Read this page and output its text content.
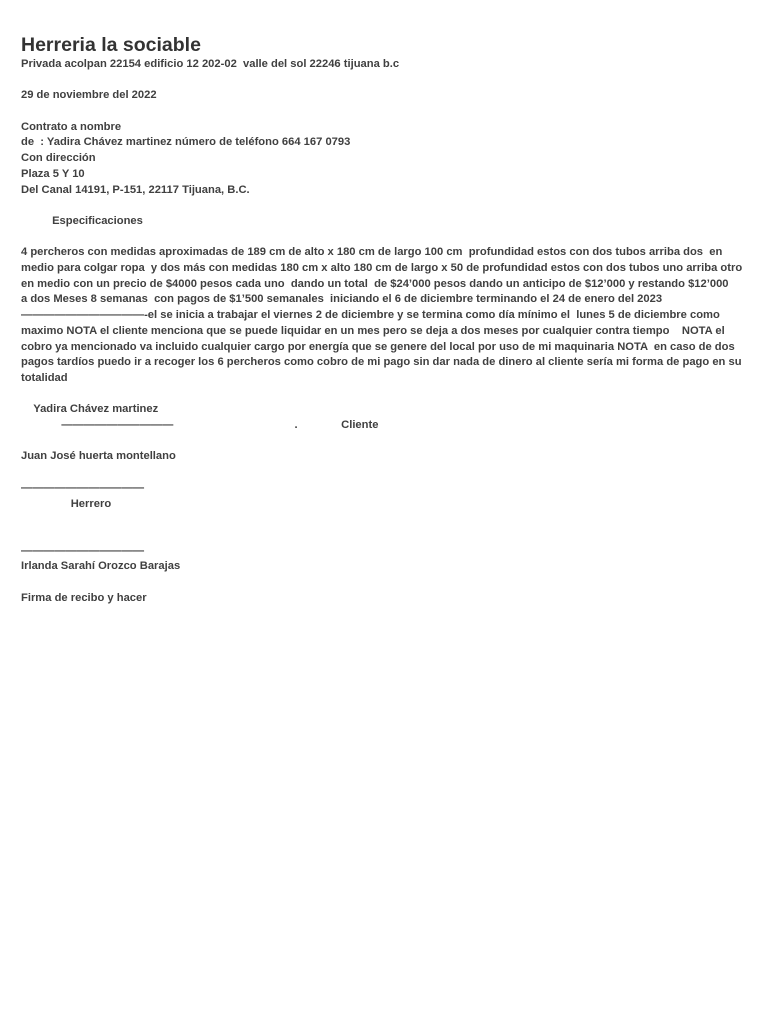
Herreria la sociable
Privada acolpan 22154 edificio 12 202-02  valle del sol 22246 tijuana b.c
29 de noviembre del 2022
Contrato a nombre
de  : Yadira Chávez martinez número de teléfono 664 167 0793
Con dirección
Plaza 5 Y 10
Del Canal 14191, P-151, 22117 Tijuana, B.C.
Especificaciones
4 percheros con medidas aproximadas de 189 cm de alto x 180 cm de largo 100 cm  profundidad estos con dos tubos arriba dos  en
medio para colgar ropa  y dos más con medidas 180 cm x alto 180 cm de largo x 50 de profundidad estos con dos tubos uno arriba otro
en medio con un precio de $4000 pesos cada uno  dando un total  de $24’000 pesos dando un anticipo de $12’000 y restando $12’000
a dos Meses 8 semanas  con pagos de $1’500 semanales  iniciando el 6 de diciembre terminando el 24 de enero del 2023
———————————-el se inicia a trabajar el viernes 2 de diciembre y se termina como día mínimo el  lunes 5 de diciembre como
maximo NOTA el cliente menciona que se puede liquidar en un mes pero se deja a dos meses por cualquier contra tiempo    NOTA el
cobro ya mencionado va incluido cualquier cargo por energía que se genere del local por uso de mi maquinaria NOTA  en caso de dos
pagos tardíos puedo ir a recoger los 6 percheros como cobro de mi pago sin dar nada de dinero al cliente sería mi forma de pago en su
totalidad
Yadira Chávez martinez
——————————                                       .              Cliente
Juan José huerta montellano
———————————
Herrero
———————————
Irlanda Sarahí Orozco Barajas
Firma de recibo y hacer
